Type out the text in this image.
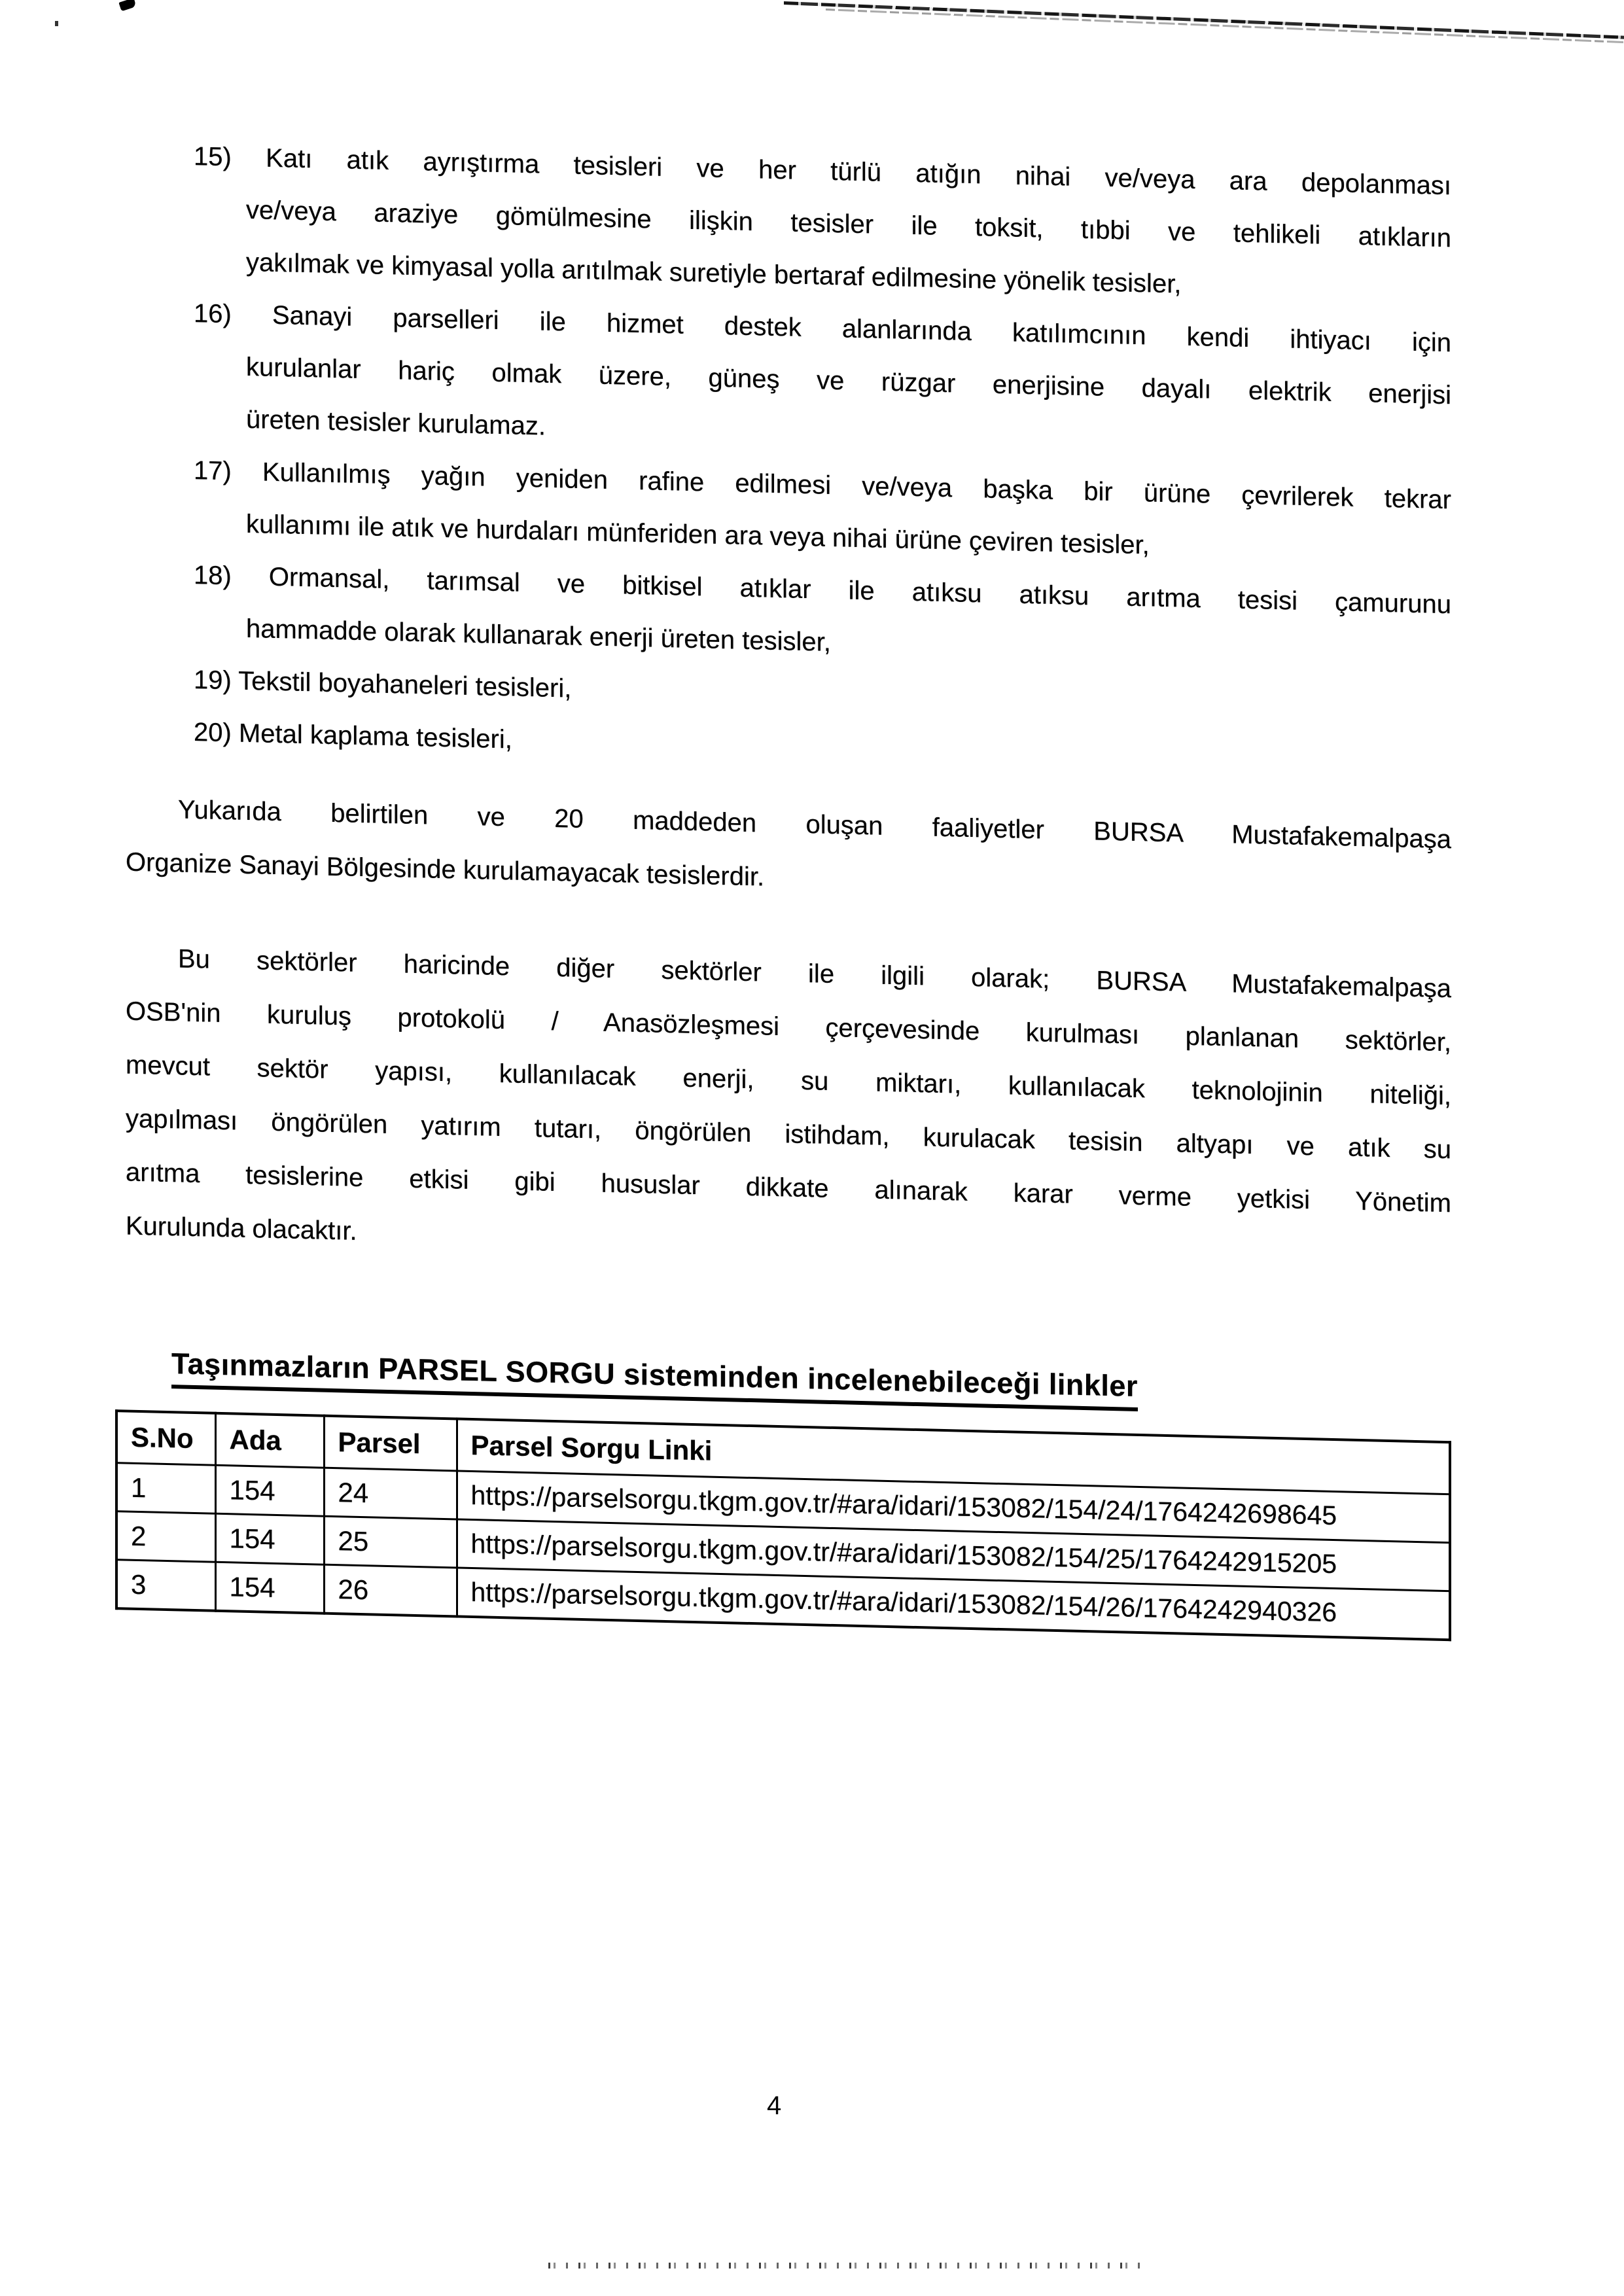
15) Katı atık ayrıştırma tesisleri ve her türlü atığın nihai ve/veya ara depolanması
ve/veya araziye gömülmesine ilişkin tesisler ile toksit, tıbbi ve tehlikeli atıkların
yakılmak ve kimyasal yolla arıtılmak suretiyle bertaraf edilmesine yönelik tesisler,
16) Sanayi parselleri ile hizmet destek alanlarında katılımcının kendi ihtiyacı için
kurulanlar hariç olmak üzere, güneş ve rüzgar enerjisine dayalı elektrik enerjisi
üreten tesisler kurulamaz.
17) Kullanılmış yağın yeniden rafine edilmesi ve/veya başka bir ürüne çevrilerek tekrar
kullanımı ile atık ve hurdaları münferiden ara veya nihai ürüne çeviren tesisler,
18) Ormansal, tarımsal ve bitkisel atıklar ile atıksu atıksu arıtma tesisi çamurunu
hammadde olarak kullanarak enerji üreten tesisler,
19) Tekstil boyahaneleri tesisleri,
20) Metal kaplama tesisleri,
Yukarıda belirtilen ve 20 maddeden oluşan faaliyetler BURSA Mustafakemalpaşa
Organize Sanayi Bölgesinde kurulamayacak tesislerdir.
Bu sektörler haricinde diğer sektörler ile ilgili olarak; BURSA Mustafakemalpaşa
OSB'nin kuruluş protokolü / Anasözleşmesi çerçevesinde kurulması planlanan sektörler,
mevcut sektör yapısı, kullanılacak enerji, su miktarı, kullanılacak teknolojinin niteliği,
yapılması öngörülen yatırım tutarı, öngörülen istihdam, kurulacak tesisin altyapı ve atık su
arıtma tesislerine etkisi gibi hususlar dikkate alınarak karar verme yetkisi Yönetim
Kurulunda olacaktır.
Taşınmazların PARSEL SORGU sisteminden incelenebileceği linkler
S.No	Ada	Parsel	Parsel Sorgu Linki
1	154	24	https://parselsorgu.tkgm.gov.tr/#ara/idari/153082/154/24/1764242698645
2	154	25	https://parselsorgu.tkgm.gov.tr/#ara/idari/153082/154/25/1764242915205
3	154	26	https://parselsorgu.tkgm.gov.tr/#ara/idari/153082/154/26/1764242940326
4
